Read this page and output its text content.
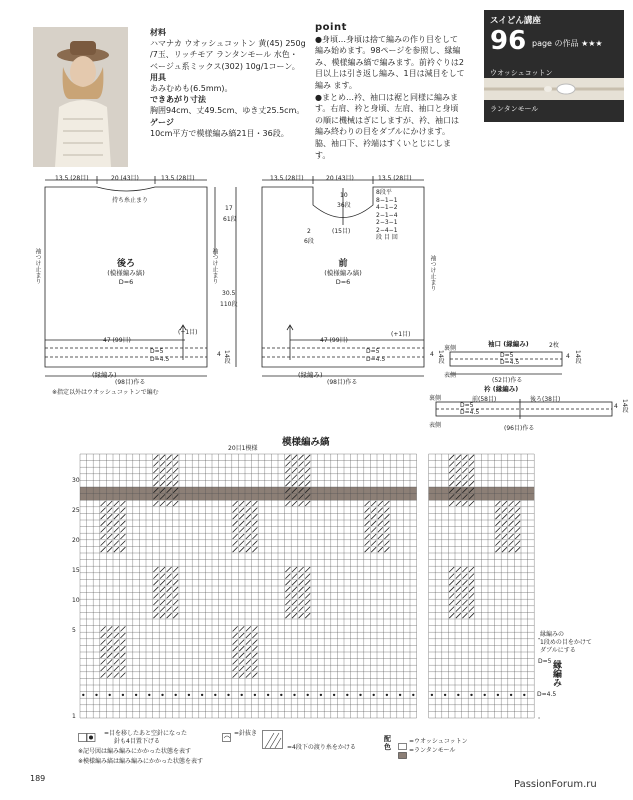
材料
ハマナカ ウオッシュコットン 黄(45) 250g
/7玉、リッチモア ランタンモール 水色・
ベージュ系ミックス(302) 10g/1コーン。
用具
あみむめも(6.5mm)。
できあがり寸法
胸囲94cm、丈49.5cm、ゆき丈25.5cm。
ゲージ
10cm平方で模様編み縞21目・36段。
point
●身頃…身頃は捨て編みの作り目をして編み始めます。98ページを参照し、縁編み、模様編み縞で編みます。前衿ぐりは2目以上は引き返し編み、1目は減目をして編み ます。
●まとめ…衿、袖口は裾と同様に編みます。右肩、衿と身頃、左肩、袖口と身頃の順に機械はぎにしますが、衿、袖口は編み終わりの目をダブルにかけます。脇、袖口下、衿端はすくいとじにします。
スイどん講座
96 page の作品 ★★★
ウオッシュコットン
ランタンモール
13.5 (28目)	20 (43目)	13.5 (28目)
持ち糸止まり
袖つけ止まり	袖つけ止まり
17
61段
30.5
110段
後ろ
(模様編み縞)
D=6
47 (99目)
(+1目)
D=5
D=4.5
(縁編み)
4 14段
(98目)作る
※指定以外はウオッシュコットンで編む
13.5 (28目)	20 (43目)	13.5 (28目)
10
36段
2
6段
(15目)
8段平
8−1−1
4−1−2
2−1−4
2−3−1
2−4−1
段 目 回
袖つけ止まり
前
(模様編み縞)
D=6
47 (99目)
(+1目)
D=5
D=4.5
(縁編み)
4 14段
(98目)作る
袖口 (縁編み)	2枚
裏側
表側
D=5
D=4.5
4 14段
(52目)作る
衿 (縁編み)
裏側
表側
前(58目)	後ろ(38目)
D=5
D=4.5
4 14段
(96目)作る
模様編み縞
20目1模様
30
25
20
15
10
5
1
縁編みの
1段めの目をかけて
ダブルにする
縁編み
D=5
D=4.5
=目を移したあと空針になった
針も4目置下げる
=針抜き
=4段下の渡り糸をかける
※記号図は編み編みにかかった状態を表す
※模様編み縞は編み編みにかかった状態を表す
配色
=ウオッシュコットン
=ランタンモール
189
PassionForum.ru
